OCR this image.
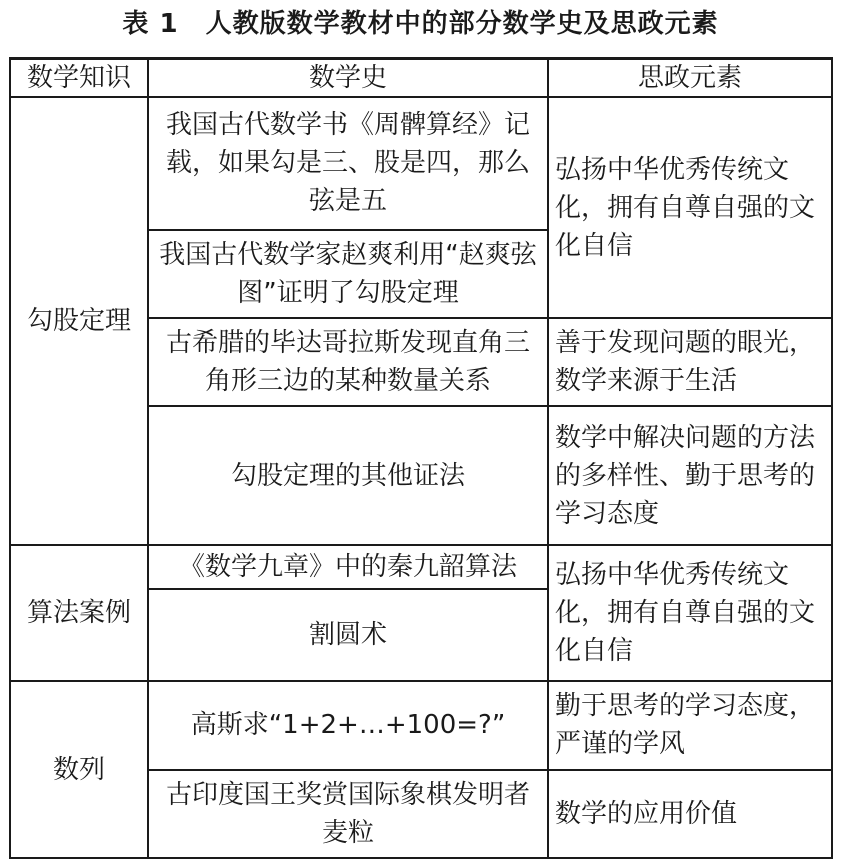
表 1　人教版数学教材中的部分数学史及思政元素
数学知识	数学史	思政元素
勾股定理	我国古代数学书《周髀算经》记载，如果勾是三、股是四，那么弦是五	弘扬中华优秀传统文化，拥有自尊自强的文化自信
	我国古代数学家赵爽利用“赵爽弦图”证明了勾股定理	
	古希腊的毕达哥拉斯发现直角三角形三边的某种数量关系	善于发现问题的眼光，数学来源于生活
	勾股定理的其他证法	数学中解决问题的方法的多样性、勤于思考的学习态度
算法案例	《数学九章》中的秦九韶算法	弘扬中华优秀传统文化，拥有自尊自强的文化自信
	割圆术	
数列	高斯求“1+2+…+100=?”	勤于思考的学习态度，严谨的学风
	古印度国王奖赏国际象棋发明者麦粒	数学的应用价值
